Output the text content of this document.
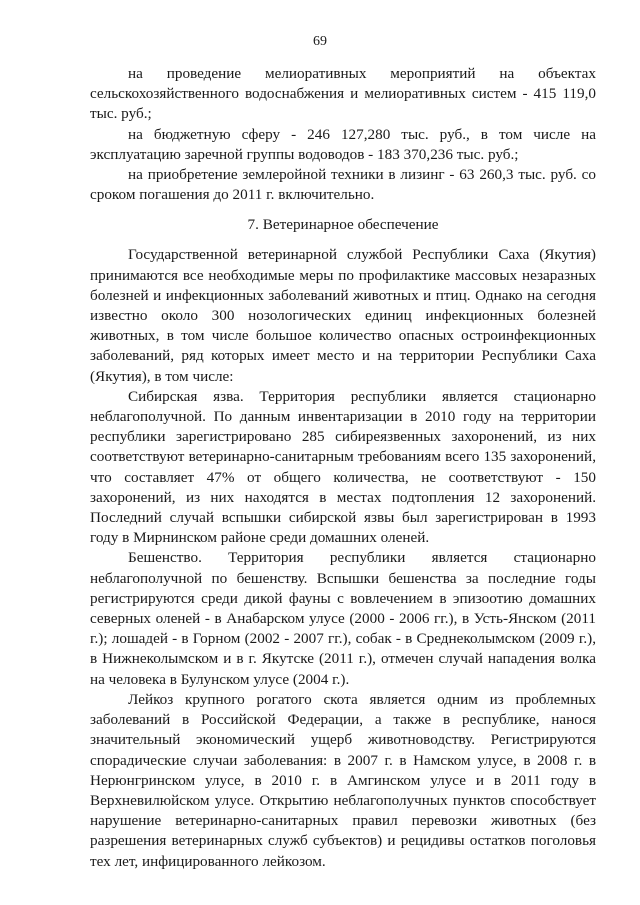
69

на проведение мелиоративных мероприятий на объектах сельскохозяйственного водоснабжения и мелиоративных систем - 415 119,0 тыс. руб.;

на бюджетную сферу - 246 127,280 тыс. руб., в том числе на эксплуатацию заречной группы водоводов - 183 370,236 тыс. руб.;

на приобретение землеройной техники в лизинг - 63 260,3 тыс. руб. со сроком погашения до 2011 г. включительно.

7. Ветеринарное обеспечение

Государственной ветеринарной службой Республики Саха (Якутия) принимаются все необходимые меры по профилактике массовых незаразных болезней и инфекционных заболеваний животных и птиц. Однако на сегодня известно около 300 нозологических единиц инфекционных болезней животных, в том числе большое количество опасных остроинфекционных заболеваний, ряд которых имеет место и на территории Республики Саха (Якутия), в том числе:

Сибирская язва. Территория республики является стационарно неблагополучной. По данным инвентаризации в 2010 году на территории республики зарегистрировано 285 сибиреязвенных захоронений, из них соответствуют ветеринарно-санитарным требованиям всего 135 захоронений, что составляет 47% от общего количества, не соответствуют - 150 захоронений, из них находятся в местах подтопления 12 захоронений. Последний случай вспышки сибирской язвы был зарегистрирован в 1993 году в Мирнинском районе среди домашних оленей.

Бешенство. Территория республики является стационарно неблагополучной по бешенству. Вспышки бешенства за последние годы регистрируются среди дикой фауны с вовлечением в эпизоотию домашних северных оленей - в Анабарском улусе (2000 - 2006 гг.), в Усть-Янском (2011 г.); лошадей - в Горном (2002 - 2007 гг.), собак - в Среднеколымском (2009 г.), в Нижнеколымском и в г. Якутске (2011 г.), отмечен случай нападения волка на человека в Булунском улусе (2004 г.).

Лейкоз крупного рогатого скота является одним из проблемных заболеваний в Российской Федерации, а также в республике, нанося значительный экономический ущерб животноводству. Регистрируются спорадические случаи заболевания: в 2007 г. в Намском улусе, в 2008 г. в Нерюнгринском улусе, в 2010 г. в Амгинском улусе и в 2011 году в Верхневилюйском улусе. Открытию неблагополучных пунктов способствует нарушение ветеринарно-санитарных правил перевозки животных (без разрешения ветеринарных служб субъектов) и рецидивы остатков поголовья тех лет, инфицированного лейкозом.
